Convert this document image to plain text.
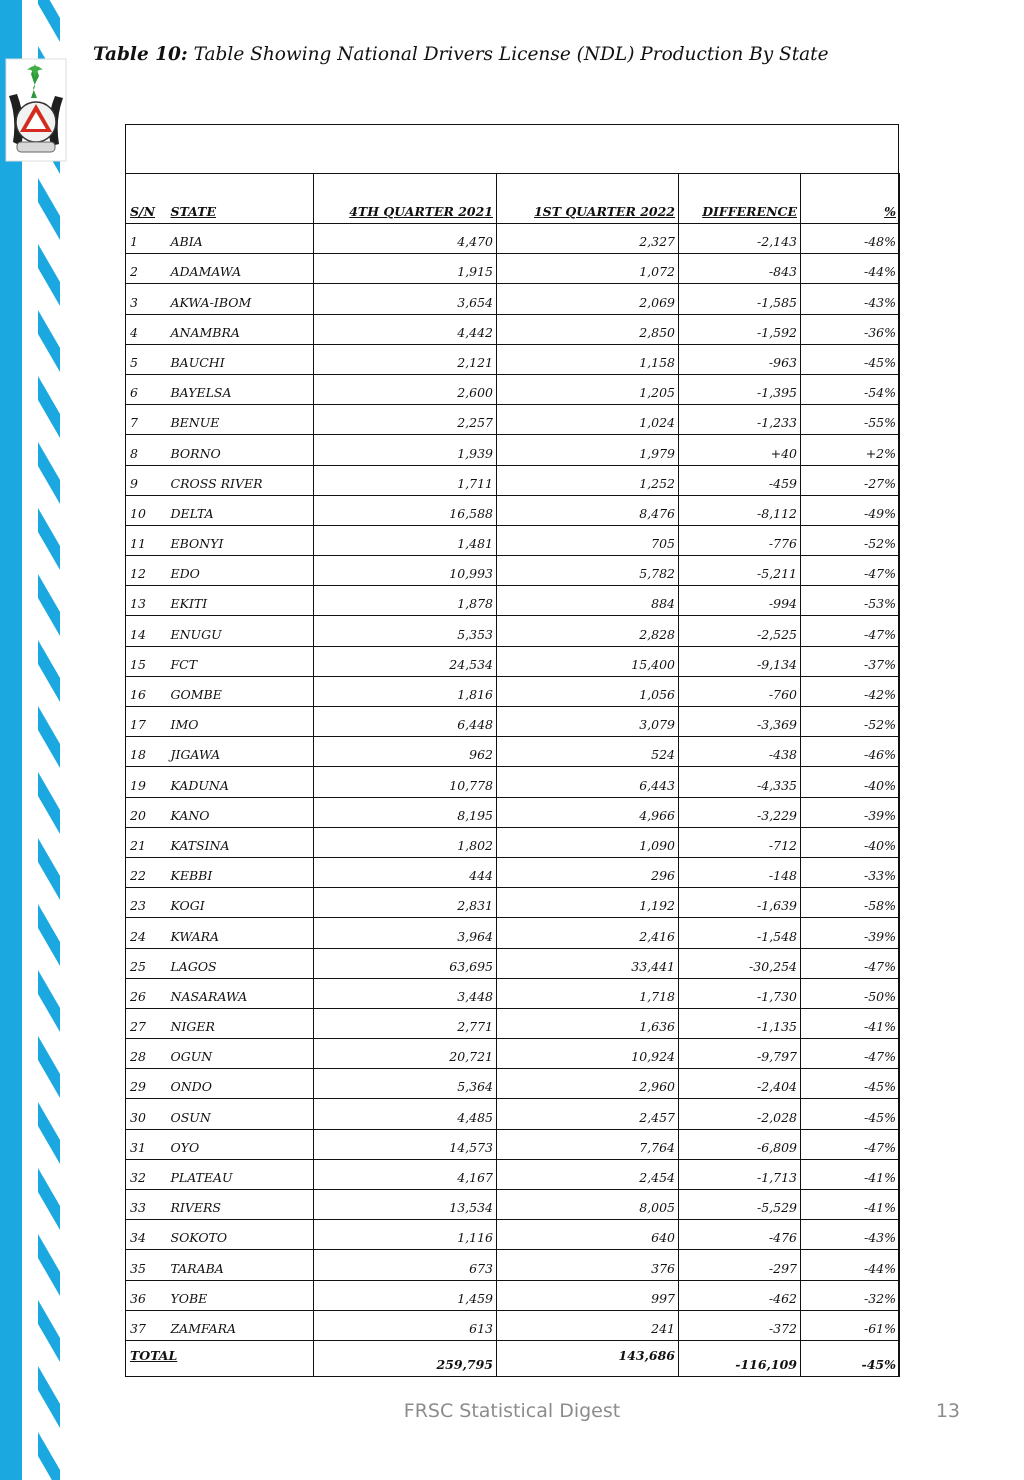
Table 10: Table Showing National Drivers License (NDL) Production By State
S/N	STATE	4TH QUARTER 2021	1ST QUARTER 2022	DIFFERENCE	%
1	ABIA	4,470	2,327	-2,143	-48%
2	ADAMAWA	1,915	1,072	-843	-44%
3	AKWA-IBOM	3,654	2,069	-1,585	-43%
4	ANAMBRA	4,442	2,850	-1,592	-36%
5	BAUCHI	2,121	1,158	-963	-45%
6	BAYELSA	2,600	1,205	-1,395	-54%
7	BENUE	2,257	1,024	-1,233	-55%
8	BORNO	1,939	1,979	+40	+2%
9	CROSS RIVER	1,711	1,252	-459	-27%
10	DELTA	16,588	8,476	-8,112	-49%
11	EBONYI	1,481	705	-776	-52%
12	EDO	10,993	5,782	-5,211	-47%
13	EKITI	1,878	884	-994	-53%
14	ENUGU	5,353	2,828	-2,525	-47%
15	FCT	24,534	15,400	-9,134	-37%
16	GOMBE	1,816	1,056	-760	-42%
17	IMO	6,448	3,079	-3,369	-52%
18	JIGAWA	962	524	-438	-46%
19	KADUNA	10,778	6,443	-4,335	-40%
20	KANO	8,195	4,966	-3,229	-39%
21	KATSINA	1,802	1,090	-712	-40%
22	KEBBI	444	296	-148	-33%
23	KOGI	2,831	1,192	-1,639	-58%
24	KWARA	3,964	2,416	-1,548	-39%
25	LAGOS	63,695	33,441	-30,254	-47%
26	NASARAWA	3,448	1,718	-1,730	-50%
27	NIGER	2,771	1,636	-1,135	-41%
28	OGUN	20,721	10,924	-9,797	-47%
29	ONDO	5,364	2,960	-2,404	-45%
30	OSUN	4,485	2,457	-2,028	-45%
31	OYO	14,573	7,764	-6,809	-47%
32	PLATEAU	4,167	2,454	-1,713	-41%
33	RIVERS	13,534	8,005	-5,529	-41%
34	SOKOTO	1,116	640	-476	-43%
35	TARABA	673	376	-297	-44%
36	YOBE	1,459	997	-462	-32%
37	ZAMFARA	613	241	-372	-61%
TOTAL		259,795	143,686	-116,109	-45%
FRSC Statistical Digest	13
